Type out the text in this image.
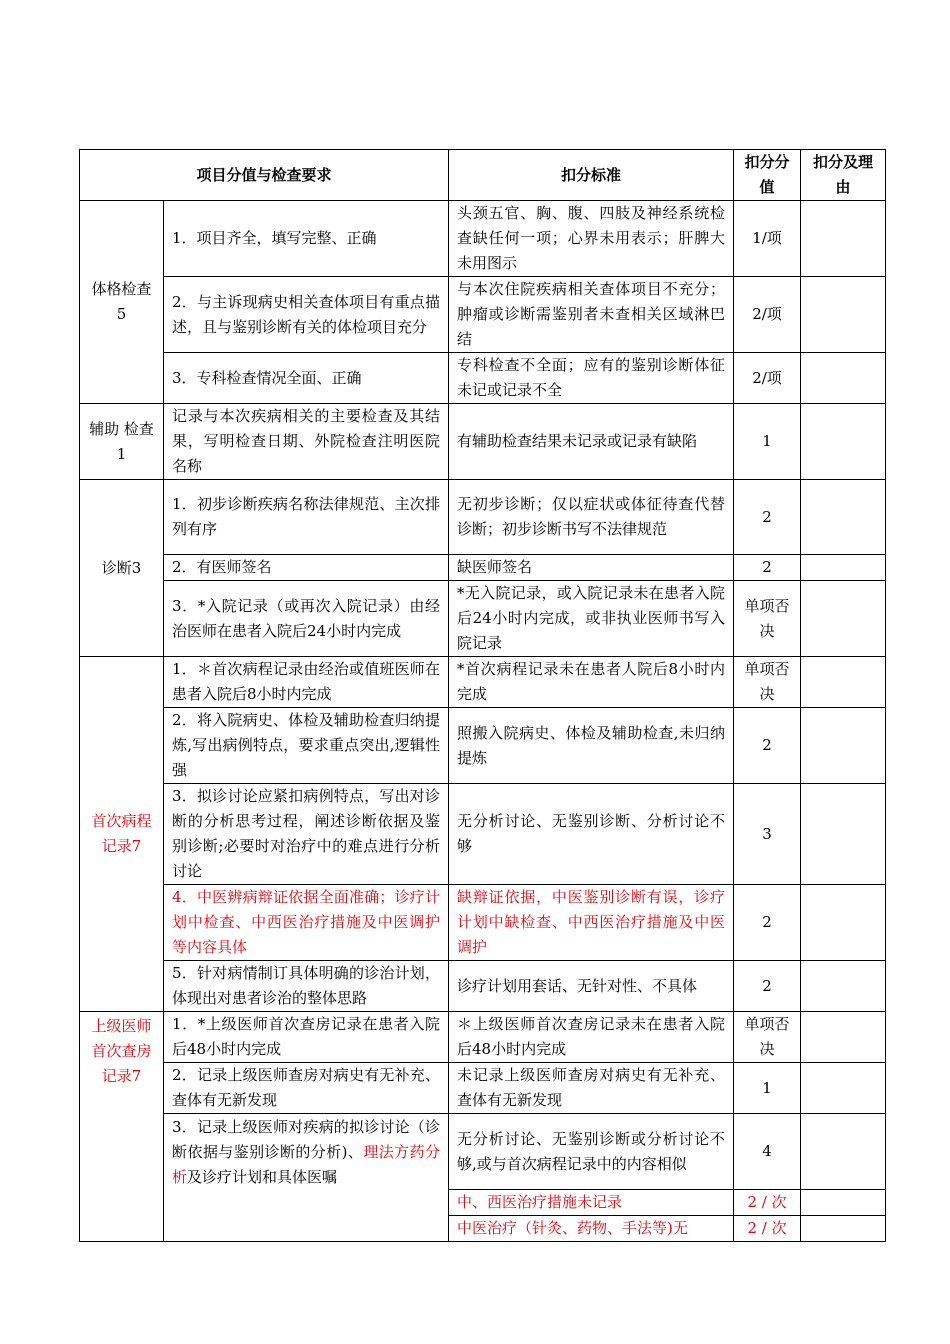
项目分值与检查要求		扣分标准	扣分分值	扣分及理由
体格检查5	1．项目齐全，填写完整、正确	头颈五官、胸、腹、四肢及神经系统检查缺任何一项；心界未用表示；肝脾大未用图示	1/项	
	2．与主诉现病史相关查体项目有重点描述，且与鉴别诊断有关的体检项目充分	与本次住院疾病相关查体项目不充分；肿瘤或诊断需鉴别者未查相关区域淋巴结	2/项	
	3．专科检查情况全面、正确	专科检查不全面；应有的鉴别诊断体征未记或记录不全	2/项	
辅助 检查1	记录与本次疾病相关的主要检查及其结果，写明检查日期、外院检查注明医院名称	有辅助检查结果未记录或记录有缺陷	1	
诊断3	1．初步诊断疾病名称法律规范、主次排列有序	无初步诊断；仅以症状或体征待查代替诊断；初步诊断书写不法律规范	2	
	2．有医师签名	缺医师签名	2	
	3．*入院记录（或再次入院记录）由经治医师在患者入院后24小时内完成	*无入院记录，或入院记录未在患者入院后24小时内完成，或非执业医师书写入院记录	单项否决	
首次病程记录7	1．＊首次病程记录由经治或值班医师在患者入院后8小时内完成	*首次病程记录未在患者人院后8小时内完成	单项否决	
	2．将入院病史、体检及辅助检查归纳提炼,写出病例特点，要求重点突出,逻辑性强	照搬入院病史、体检及辅助检查,未归纳提炼	2	
	3．拟诊讨论应紧扣病例特点，写出对诊断的分析思考过程，阐述诊断依据及鉴别诊断;必要时对治疗中的难点进行分析讨论	无分析讨论、无鉴别诊断、分析讨论不够	3	
	4．中医辨病辩证依据全面准确；诊疗计划中检查、中西医治疗措施及中医调护等内容具体	缺辩证依据，中医鉴别诊断有误，诊疗计划中缺检查、中西医治疗措施及中医调护	2	
	5．针对病情制订具体明确的诊治计划，体现出对患者诊治的整体思路	诊疗计划用套话、无针对性、不具体	2	
上级医师首次查房记录7	1．*上级医师首次查房记录在患者入院后48小时内完成	＊上级医师首次查房记录未在患者入院后48小时内完成	单项否决	
	2．记录上级医师查房对病史有无补充、查体有无新发现	未记录上级医师查房对病史有无补充、查体有无新发现	1	
	3．记录上级医师对疾病的拟诊讨论（诊断依据与鉴别诊断的分析)、理法方药分析及诊疗计划和具体医嘱	无分析讨论、无鉴别诊断或分析讨论不够,或与首次病程记录中的内容相似	4	
		中、西医治疗措施未记录	2 / 次	
		中医治疗（针灸、药物、手法等)无	2 / 次	
